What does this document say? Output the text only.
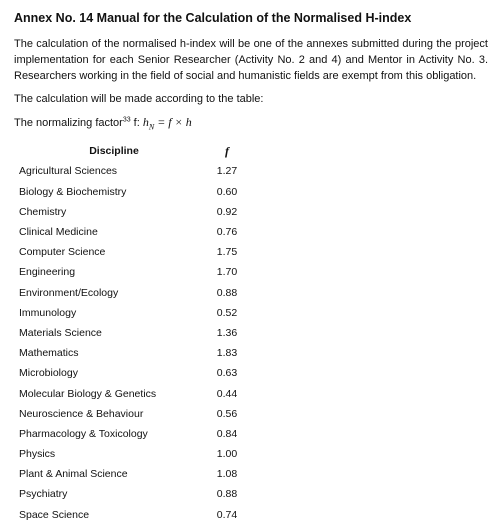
Annex No. 14 Manual for the Calculation of the Normalised H-index

The calculation of the normalised h-index will be one of the annexes submitted during the project implementation for each Senior Researcher (Activity No. 2 and 4) and Mentor in Activity No. 3. Researchers working in the field of social and humanistic fields are exempt from this obligation.

The calculation will be made according to the table:

The normalizing factor$^{33}$ f: $h_N = f \times h$

Discipline	f
Agricultural Sciences	1.27
Biology & Biochemistry	0.60
Chemistry	0.92
Clinical Medicine	0.76
Computer Science	1.75
Engineering	1.70
Environment/Ecology	0.88
Immunology	0.52
Materials Science	1.36
Mathematics	1.83
Microbiology	0.63
Molecular Biology & Genetics	0.44
Neuroscience & Behaviour	0.56
Pharmacology & Toxicology	0.84
Physics	1.00
Plant & Animal Science	1.08
Psychiatry	0.88
Space Science	0.74
